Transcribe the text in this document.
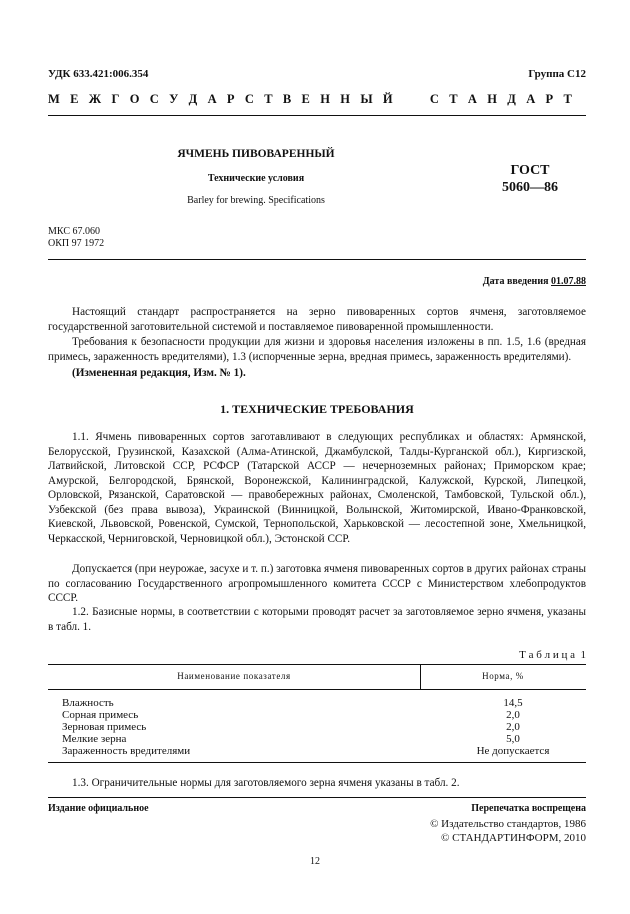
УДК 633.421:006.354	Группа С12
М Е Ж Г О С У Д А Р С Т В Е Н Н Ы Й     С Т А Н Д А Р Т
ЯЧМЕНЬ ПИВОВАРЕННЫЙ
Технические условия
Barley for brewing. Specifications
ГОСТ
5060—86
МКС 67.060
ОКП 97 1972
Дата введения 01.07.88
Настоящий стандарт распространяется на зерно пивоваренных сортов ячменя, заготовляемое государственной заготовительной системой и поставляемое пивоваренной промышленности.
Требования к безопасности продукции для жизни и здоровья населения изложены в пп. 1.5, 1.6 (вредная примесь, зараженность вредителями), 1.3 (испорченные зерна, вредная примесь, зараженность вредителями).
(Измененная редакция, Изм. № 1).
1. ТЕХНИЧЕСКИЕ ТРЕБОВАНИЯ
1.1. Ячмень пивоваренных сортов заготавливают в следующих республиках и областях: Армянской, Белорусской, Грузинской, Казахской (Алма-Атинской, Джамбулской, Талды-Курганской обл.), Киргизской, Латвийской, Литовской ССР, РСФСР (Татарской АССР — нечерноземных районах; Приморском крае; Амурской, Белгородской, Брянской, Воронежской, Калининградской, Калужской, Курской, Липецкой, Орловской, Рязанской, Саратовской — правобережных районах, Смоленской, Тамбовской, Тульской обл.), Узбекской (без права вывоза), Украинской (Винницкой, Волынской, Житомирской, Ивано-Франковской, Киевской, Львовской, Ровенской, Сумской, Тернопольской, Харьковской — лесостепной зоне, Хмельницкой, Черкасской, Черниговской, Черновицкой обл.), Эстонской ССР.
Допускается (при неурожае, засухе и т. п.) заготовка ячменя пивоваренных сортов в других районах страны по согласованию Государственного агропромышленного комитета СССР с Министерством хлебопродуктов СССР.
1.2. Базисные нормы, в соответствии с которыми проводят расчет за заготовляемое зерно ячменя, указаны в табл. 1.
Т а б л и ц а  1
Наименование показателя	Норма, %
Влажность	14,5
Сорная примесь	2,0
Зерновая примесь	2,0
Мелкие зерна	5,0
Зараженность вредителями	Не допускается
1.3. Ограничительные нормы для заготовляемого зерна ячменя указаны в табл. 2.
Издание официальное	Перепечатка воспрещена
© Издательство стандартов, 1986
© СТАНДАРТИНФОРМ, 2010
12
